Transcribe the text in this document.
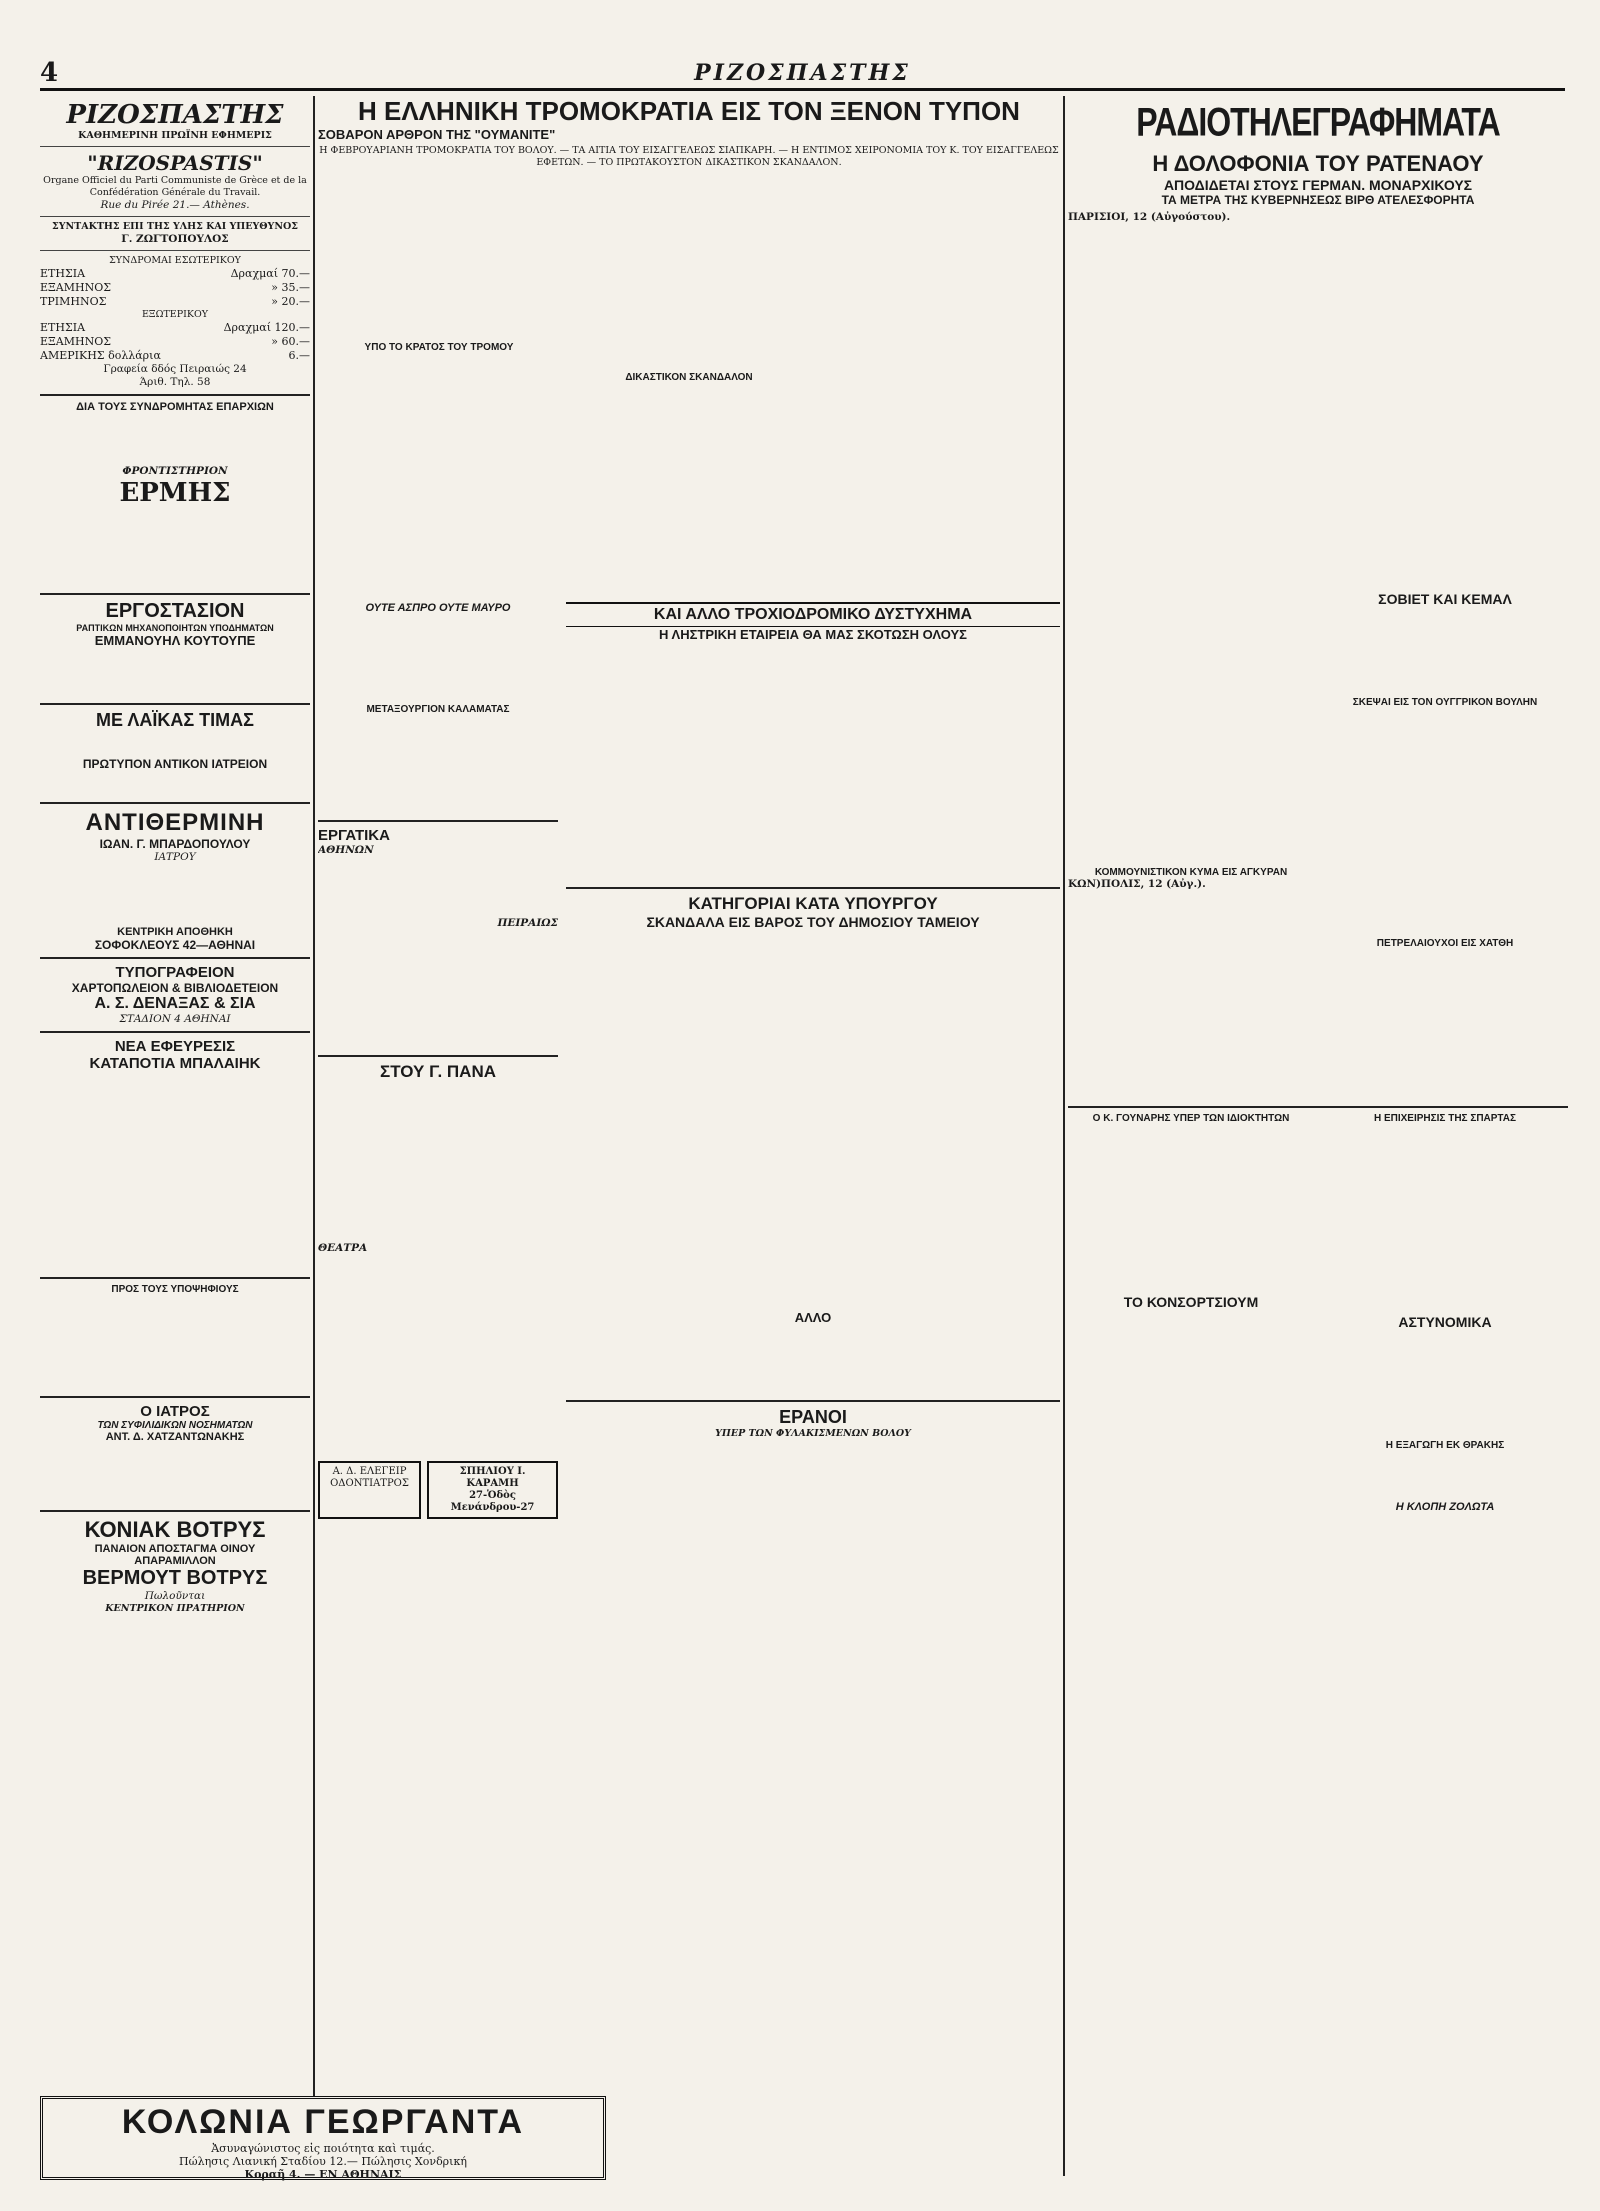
4	ΡΙΖΟΣΠΑΣΤΗΣ
ΡΙΖΟΣΠΑΣΤΗΣ
ΚΑΘΗΜΕΡΙΝΗ ΠΡΩΪΝΗ ΕΦΗΜΕΡΙΣ
"RIZOSPASTIS"
Organe Officiel du Parti Communiste de Grèce et de la Confédération Générale du Travail.
Rue du Pirée 21.— Athènes.
ΣΥΝΤΑΚΤΗΣ ΕΠΙ ΤΗΣ ΥΛΗΣ ΚΑΙ ΥΠΕΥΘΥΝΟΣ
Γ. ΖΩΓΤΟΠΟΥΛΟΣ
ΣΥΝΔΡΟΜΑΙ ΕΣΩΤΕΡΙΚΟΥ
ΕΤΗΣΙΑ	Δραχμαί 70.—
ΕΞΑΜΗΝΟΣ	» 35.—
ΤΡΙΜΗΝΟΣ	» 20.—
ΕΞΩΤΕΡΙΚΟΥ
ΕΤΗΣΙΑ	Δραχμαί 120.—
ΕΞΑΜΗΝΟΣ	» 60.—
ΑΜΕΡΙΚΗΣ δολλάρια	6.—
Γραφεία δδός Πειραιώς 24
Άριθ. Τηλ. 58
ΔΙΑ ΤΟΥΣ ΣΥΝΔΡΟΜΗΤΑΣ ΕΠΑΡΧΙΩΝ
ΦΡΟΝΤΙΣΤΗΡΙΟΝ
ΕΡΜΗΣ
ΕΡΓΟΣΤΑΣΙΟΝ
ΡΑΠΤΙΚΩΝ ΜΗΧΑΝΟΠΟΙΗΤΩΝ ΥΠΟΔΗΜΑΤΩΝ
ΕΜΜΑΝΟΥΗΛ ΚΟΥΤΟΥΠΕ
ΜΕ ΛΑΪΚΑΣ ΤΙΜΑΣ
ΠΡΩΤΥΠΟΝ ΑΝΤΙΚΟΝ ΙΑΤΡΕΙΟΝ
ΑΝΤΙΘΕΡΜΙΝΗ
ΙΩΑΝ. Γ. ΜΠΑΡΔΟΠΟΥΛΟΥ
ΙΑΤΡΟΥ
ΚΕΝΤΡΙΚΗ ΑΠΟΘΗΚΗ
ΣΟΦΟΚΛΕΟΥΣ 42—ΑΘΗΝΑΙ
ΤΥΠΟΓΡΑΦΕΙΟΝ
ΧΑΡΤΟΠΩΛΕΙΟΝ & ΒΙΒΛΙΟΔΕΤΕΙΟΝ
Α. Σ. ΔΕΝΑΞΑΣ & ΣΙΑ
ΣΤΑΔΙΟΝ 4 ΑΘΗΝΑΙ
ΝΕΑ ΕΦΕΥΡΕΣΙΣ
ΚΑΤΑΠΟΤΙΑ ΜΠΑΛΑΙΗΚ
ΠΡΟΣ ΤΟΥΣ ΥΠΟΨΗΦΙΟΥΣ
Ο ΙΑΤΡΟΣ
ΤΩΝ ΣΥΦΙΛΙΔΙΚΩΝ ΝΟΣΗΜΑΤΩΝ
ΑΝΤ. Δ. ΧΑΤΖΑΝΤΩΝΑΚΗΣ
ΚΟΝΙΑΚ ΒΟΤΡΥΣ
ΠΑΝΑΙΟΝ ΑΠΟΣΤΑΓΜΑ ΟΙΝΟΥ
ΑΠΑΡΑΜΙΛΛΟΝ
ΒΕΡΜΟΥΤ ΒΟΤΡΥΣ
Πωλοῦνται
ΚΕΝΤΡΙΚΟΝ ΠΡΑΤΗΡΙΟΝ
Η ΕΛΛΗΝΙΚΗ ΤΡΟΜΟΚΡΑΤΙΑ ΕΙΣ ΤΟΝ ΞΕΝΟΝ ΤΥΠΟΝ
ΣΟΒΑΡΟΝ ΑΡΘΡΟΝ ΤΗΣ "ΟΥΜΑΝΙΤΕ"
Η ΦΕΒΡΟΥΑΡΙΑΝΗ ΤΡΟΜΟΚΡΑΤΙΑ ΤΟΥ ΒΟΛΟΥ. — ΤΑ ΑΙΤΙΑ ΤΟΥ ΕΙΣΑΓΓΕΛΕΩΣ ΣΙΑΠΚΑΡΗ. — Η ΕΝΤΙΜΟΣ ΧΕΙΡΟΝΟΜΙΑ ΤΟΥ Κ. ΤΟΥ ΕΙΣΑΓΓΕΛΕΩΣ ΕΦΕΤΩΝ. — ΤΟ ΠΡΩΤΑΚΟΥΣΤΟΝ ΔΙΚΑΣΤΙΚΟΝ ΣΚΑΝΔΑΛΟΝ.
ΥΠΟ ΤΟ ΚΡΑΤΟΣ ΤΟΥ ΤΡΟΜΟΥ
ΔΙΚΑΣΤΙΚΟΝ ΣΚΑΝΔΑΛΟΝ
ΟΥΤΕ ΑΣΠΡΟ ΟΥΤΕ ΜΑΥΡΟ
ΜΕΤΑΞΟΥΡΓΙΟΝ ΚΑΛΑΜΑΤΑΣ
ΕΡΓΑΤΙΚΑ
ΑΘΗΝΩΝ
ΠΕΙΡΑΙΩΣ
ΣΤΟΥ Γ. ΠΑΝΑ
ΘΕΑΤΡΑ
Α. Δ. ΕΛΕΓΕΙΡ ΟΔΟΝΤΙΑΤΡΟΣ
ΣΠΗΛΙΟΥ Ι. ΚΑΡΑΜΗ
27-Ὁδὸς Μενάνδρου-27
ΚΑΙ ΑΛΛΟ ΤΡΟΧΙΟΔΡΟΜΙΚΟ ΔΥΣΤΥΧΗΜΑ
Η ΛΗΣΤΡΙΚΗ ΕΤΑΙΡΕΙΑ ΘΑ ΜΑΣ ΣΚΟΤΩΣΗ ΟΛΟΥΣ
ΚΑΤΗΓΟΡΙΑΙ ΚΑΤΑ ΥΠΟΥΡΓΟΥ
ΣΚΑΝΔΑΛΑ ΕΙΣ ΒΑΡΟΣ ΤΟΥ ΔΗΜΟΣΙΟΥ ΤΑΜΕΙΟΥ
ΑΛΛΟ
ΕΡΑΝΟΙ
ΥΠΕΡ ΤΩΝ ΦΥΛΑΚΙΣΜΕΝΩΝ ΒΟΛΟΥ
ΡΑΔΙΟΤΗΛΕΓΡΑΦΗΜΑΤΑ
Η ΔΟΛΟΦΟΝΙΑ ΤΟΥ ΡΑΤΕΝΑΟΥ
ΑΠΟΔΙΔΕΤΑΙ ΣΤΟΥΣ ΓΕΡΜΑΝ. ΜΟΝΑΡΧΙΚΟΥΣ
ΤΑ ΜΕΤΡΑ ΤΗΣ ΚΥΒΕΡΝΗΣΕΩΣ ΒΙΡΘ ΑΤΕΛΕΣΦΟΡΗΤΑ
ΠΑΡΙΣΙΟΙ, 12 (Αὐγούστου).
ΣΟΒΙΕΤ ΚΑΙ ΚΕΜΑΛ
ΚΟΜΜΟΥΝΙΣΤΙΚΟΝ ΚΥΜΑ ΕΙΣ ΑΓΚΥΡΑΝ
ΚΩΝ)ΠΟΛΙΣ, 12 (Αὐγ.).
ΣΚΕΨΑΙ ΕΙΣ ΤΟΝ ΟΥΓΓΡΙΚΟΝ ΒΟΥΛΗΝ
ΠΕΤΡΕΛΑΙΟΥΧΟΙ ΕΙΣ ΧΑΤΘΗ
Ο Κ. ΓΟΥΝΑΡΗΣ ΥΠΕΡ ΤΩΝ ΙΔΙΟΚΤΗΤΩΝ
ΤΟ ΚΟΝΣΟΡΤΣΙΟΥΜ
Η ΕΠΙΧΕΙΡΗΣΙΣ ΤΗΣ ΣΠΑΡΤΑΣ
ΑΣΤΥΝΟΜΙΚΑ
Η ΕΞΑΓΩΓΗ ΕΚ ΘΡΑΚΗΣ
Η ΚΛΟΠΗ ΖΟΛΩΤΑ
ΚΟΛΩΝΙΑ ΓΕΩΡΓΑΝΤΑ
Ἀσυναγώνιστος εἰς ποιότητα καὶ τιμάς.
Πώλησις Λιανική Σταδίου 12.— Πώλησις Χονδρική
Κοραῆ 4. — ΕΝ ΑΘΗΝΑΙΣ
